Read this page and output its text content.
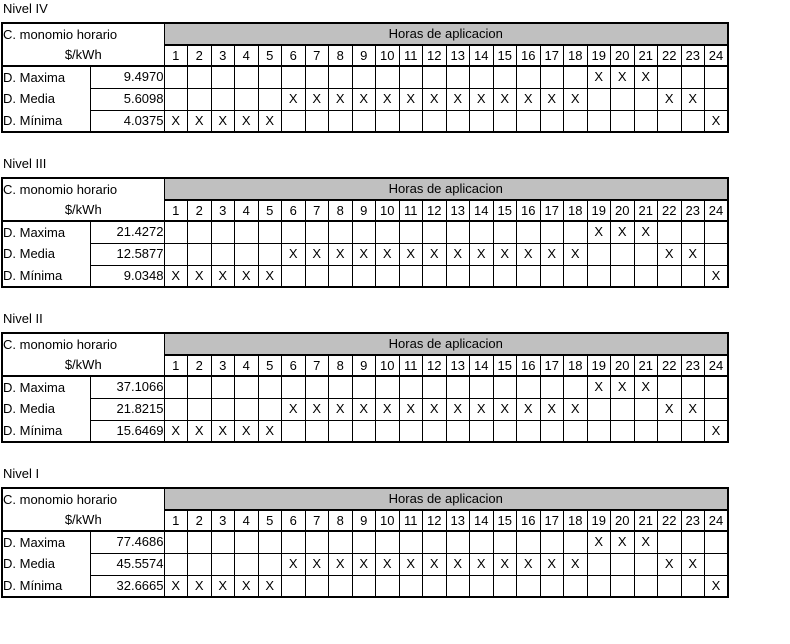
Nivel IV
C. monomio horario		Horas de aplicacion																							
$/kWh		1	2	3	4	5	6	7	8	9	10	11	12	13	14	15	16	17	18	19	20	21	22	23	24
D. Maxima	9.4970																			X	X	X			
D. Media	5.6098						X	X	X	X	X	X	X	X	X	X	X	X	X				X	X	
D. Mínima	4.0375	X	X	X	X	X																			X
Nivel III
C. monomio horario		Horas de aplicacion																							
$/kWh		1	2	3	4	5	6	7	8	9	10	11	12	13	14	15	16	17	18	19	20	21	22	23	24
D. Maxima	21.4272																			X	X	X			
D. Media	12.5877						X	X	X	X	X	X	X	X	X	X	X	X	X				X	X	
D. Mínima	9.0348	X	X	X	X	X																			X
Nivel II
C. monomio horario		Horas de aplicacion																							
$/kWh		1	2	3	4	5	6	7	8	9	10	11	12	13	14	15	16	17	18	19	20	21	22	23	24
D. Maxima	37.1066																			X	X	X			
D. Media	21.8215						X	X	X	X	X	X	X	X	X	X	X	X	X				X	X	
D. Mínima	15.6469	X	X	X	X	X																			X
Nivel I
C. monomio horario		Horas de aplicacion																							
$/kWh		1	2	3	4	5	6	7	8	9	10	11	12	13	14	15	16	17	18	19	20	21	22	23	24
D. Maxima	77.4686																			X	X	X			
D. Media	45.5574						X	X	X	X	X	X	X	X	X	X	X	X	X				X	X	
D. Mínima	32.6665	X	X	X	X	X																			X
